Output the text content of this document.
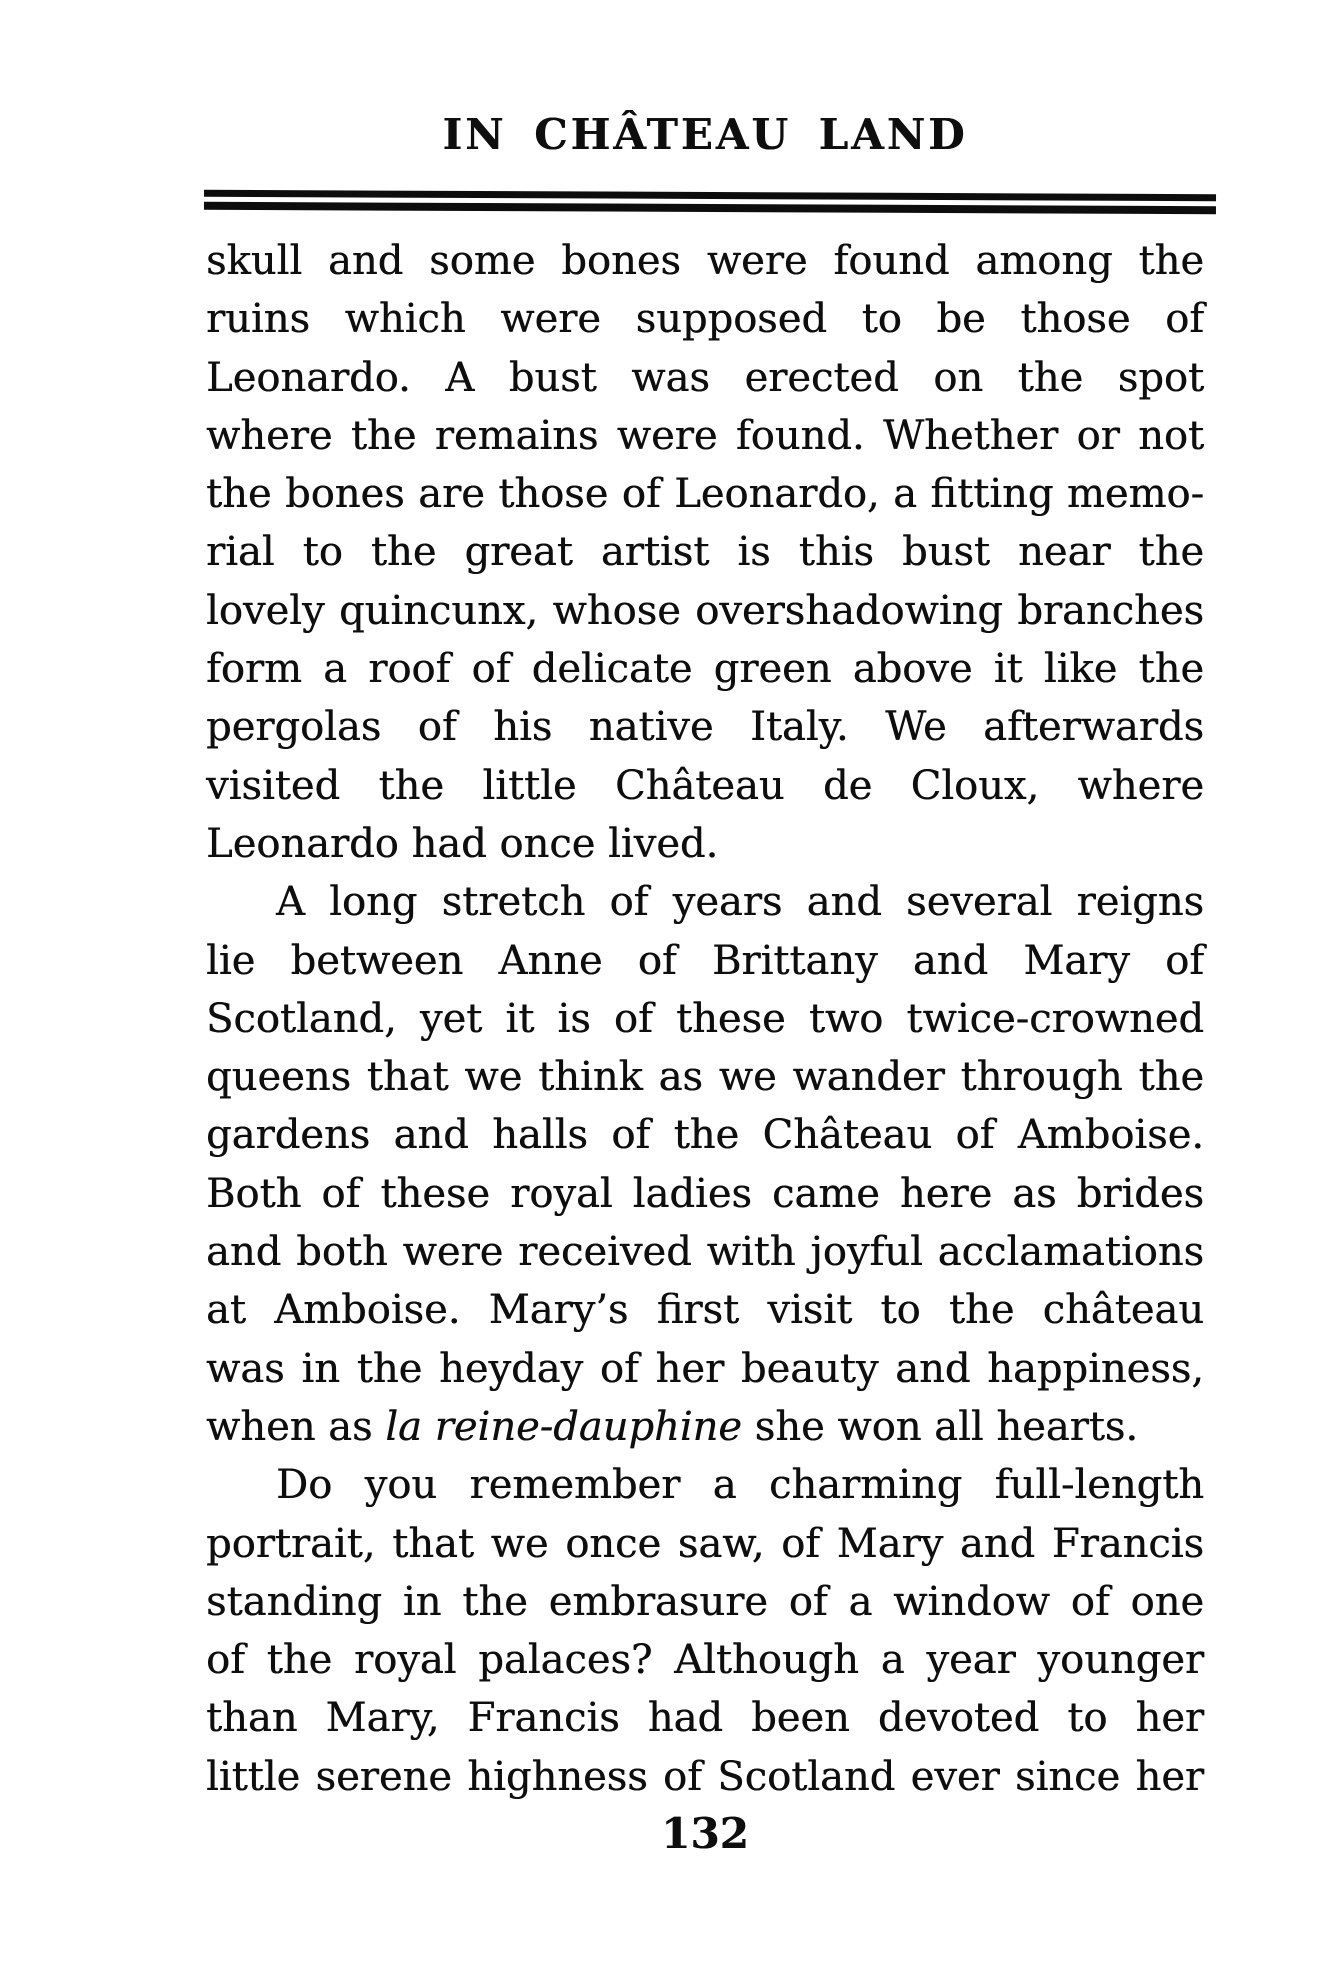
IN CHÂTEAU LAND
skull and some bones were found among the
ruins which were supposed to be those of
Leonardo. A bust was erected on the spot
where the remains were found. Whether or not
the bones are those of Leonardo, a fitting memo-
rial to the great artist is this bust near the
lovely quincunx, whose overshadowing branches
form a roof of delicate green above it like the
pergolas of his native Italy. We afterwards
visited the little Château de Cloux, where
Leonardo had once lived.
A long stretch of years and several reigns
lie between Anne of Brittany and Mary of
Scotland, yet it is of these two twice-crowned
queens that we think as we wander through the
gardens and halls of the Château of Amboise.
Both of these royal ladies came here as brides
and both were received with joyful acclamations
at Amboise. Mary’s first visit to the château
was in the heyday of her beauty and happiness,
when as la reine-dauphine she won all hearts.
Do you remember a charming full-length
portrait, that we once saw, of Mary and Francis
standing in the embrasure of a window of one
of the royal palaces? Although a year younger
than Mary, Francis had been devoted to her
little serene highness of Scotland ever since her
132
